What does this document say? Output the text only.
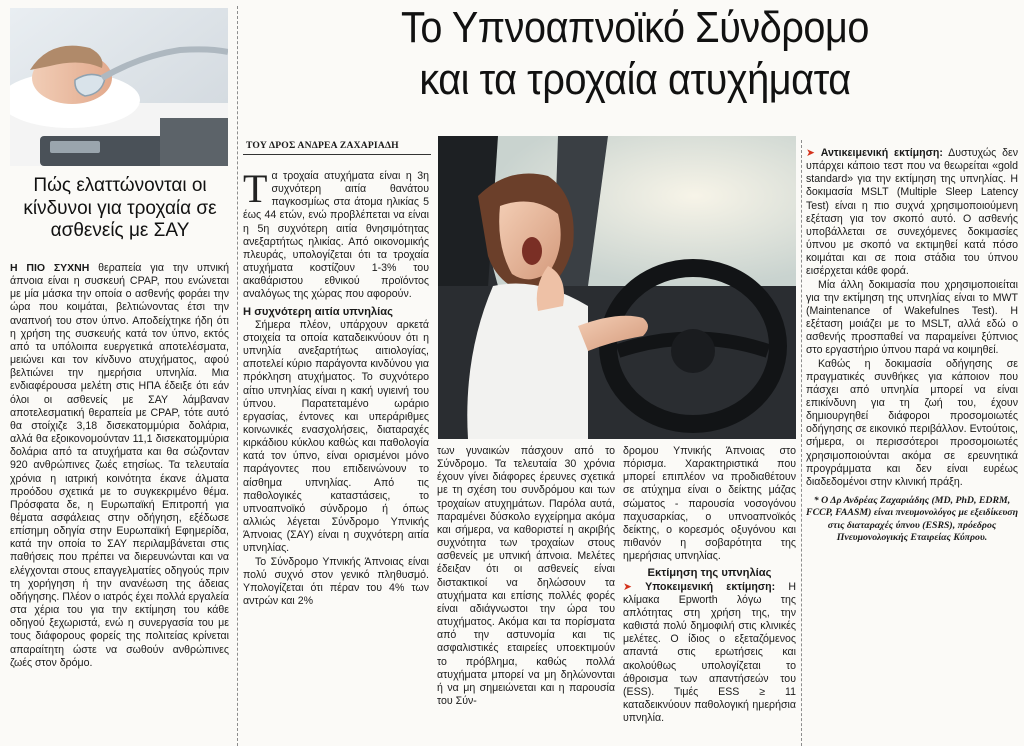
Πώς ελαττώνονται οι κίνδυνοι για τροχαία σε ασθενείς με ΣΑΥ

Η ΠΙΟ ΣΥΧΝΗ θεραπεία για την υπνική άπνοια είναι η συσκευή CPAP, που ενώνεται με μία μάσκα την οποία ο ασθενής φοράει την ώρα που κοιμάται, βελτιώνοντας έτσι την αναπνοή του στον ύπνο. Αποδείχτηκε ήδη ότι η χρήση της συσκευής κατά τον ύπνο, εκτός από τα υπόλοιπα ευεργετικά αποτελέσματα, μειώνει και τον κίνδυνο ατυχήματος, αφού βελτιώνει την ημερήσια υπνηλία. Μια ενδιαφέρουσα μελέτη στις ΗΠΑ έδειξε ότι εάν όλοι οι ασθενείς με ΣΑΥ λάμβαναν αποτελεσματική θεραπεία με CPAP, τότε αυτό θα στοίχιζε 3,18 δισεκατομμύρια δολάρια, αλλά θα εξοικονομούνταν 11,1 δισεκατομμύρια δολάρια από τα ατυχήματα και θα σώζονταν 920 ανθρώπινες ζωές ετησίως. Τα τελευταία χρόνια η ιατρική κοινότητα έκανε άλματα προόδου σχετικά με το συγκεκριμένο θέμα. Πρόσφατα δε, η Ευρωπαϊκή Επιτροπή για θέματα ασφάλειας στην οδήγηση, εξέδωσε επίσημη οδηγία στην Ευρωπαϊκή Εφημερίδα, κατά την οποία το ΣΑΥ περιλαμβάνεται στις παθήσεις που πρέπει να διερευνώνται και να ελέγχονται στους επαγγελματίες οδηγούς πριν τη χορήγηση ή την ανανέωση της άδειας οδήγησης. Πλέον ο ιατρός έχει πολλά εργαλεία στα χέρια του για την εκτίμηση του κάθε οδηγού ξεχωριστά, ενώ η συνεργασία του με τους διάφορους φορείς της πολιτείας κρίνεται απαραίτητη ώστε να σωθούν ανθρώπινες ζωές στον δρόμο.

Το Υπνοαπνοϊκό Σύνδρομο
και τα τροχαία ατυχήματα
ΤΟΥ ΔΡΟΣ ΑΝΔΡΕΑ ΖΑΧΑΡΙΑΔΗ

Τα τροχαία ατυχήματα είναι η 3η συχνότερη αιτία θανάτου παγκοσμίως στα άτομα ηλικίας 5 έως 44 ετών, ενώ προβλέπεται να είναι η 5η συχνότερη αιτία θνησιμότητας ανεξαρτήτως ηλικίας. Από οικονομικής πλευράς, υπολογίζεται ότι τα τροχαία ατυχήματα κοστίζουν 1-3% του ακαθάριστου εθνικού προϊόντος αναλόγως της χώρας που αφορούν.

Η συχνότερη αιτία υπνηλίας

Σήμερα πλέον, υπάρχουν αρκετά στοιχεία τα οποία καταδεικνύουν ότι η υπνηλία ανεξαρτήτως αιτιολογίας, αποτελεί κύριο παράγοντα κινδύνου για πρόκληση ατυχήματος. Το συχνότερο αίτιο υπνηλίας είναι η κακή υγιεινή του ύπνου. Παρατεταμένο ωράριο εργασίας, έντονες και υπεράριθμες κοινωνικές ενασχολήσεις, διαταραχές κιρκάδιου κύκλου καθώς και παθολογία κατά τον ύπνο, είναι ορισμένοι μόνο παράγοντες που επιδεινώνουν το αίσθημα υπνηλίας. Από τις παθολογικές καταστάσεις, το υπνοαπνοϊκό σύνδρομο ή όπως αλλιώς λέγεται Σύνδρομο Υπνικής Άπνοιας (ΣΑΥ) είναι η συχνότερη αιτία υπνηλίας.

Το Σύνδρομο Υπνικής Άπνοιας είναι πολύ συχνό στον γενικό πληθυσμό. Υπολογίζεται ότι πέραν του 4% των αντρών και 2%

των γυναικών πάσχουν από το Σύνδρομο. Τα τελευταία 30 χρόνια έχουν γίνει διάφορες έρευνες σχετικά με τη σχέση του συνδρόμου και των τροχαίων ατυχημάτων. Παρόλα αυτά, παραμένει δύσκολο εγχείρημα ακόμα και σήμερα, να καθοριστεί η ακριβής συχνότητα των τροχαίων στους ασθενείς με υπνική άπνοια. Μελέτες έδειξαν ότι οι ασθενείς είναι διστακτικοί να δηλώσουν τα ατυχήματα και επίσης πολλές φορές είναι αδιάγνωστοι την ώρα του ατυχήματος. Ακόμα και τα πορίσματα από την αστυνομία και τις ασφαλιστικές εταιρείες υποεκτιμούν το πρόβλημα, καθώς πολλά ατυχήματα μπορεί να μη δηλώνονται ή να μη σημειώνεται και η παρουσία του Σύν-

δρομου Υπνικής Άπνοιας στο πόρισμα. Χαρακτηριστικά που μπορεί επιπλέον να προδιαθέτουν σε ατύχημα είναι ο δείκτης μάζας σώματος - παρουσία νοσογόνου παχυσαρκίας, ο υπνοαπνοϊκός δείκτης, ο κορεσμός οξυγόνου και πιθανόν η σοβαρότητα της ημερήσιας υπνηλίας.

Εκτίμηση της υπνηλίας

➤ Υποκειμενική εκτίμηση: Η κλίμακα Epworth λόγω της απλότητας στη χρήση της, την καθιστά πολύ δημοφιλή στις κλινικές μελέτες. Ο ίδιος ο εξεταζόμενος απαντά στις ερωτήσεις και ακολούθως υπολογίζεται το άθροισμα των απαντήσεών του (ESS). Τιμές ESS ≥ 11 καταδεικνύουν παθολογική ημερήσια υπνηλία.

➤ Αντικειμενική εκτίμηση: Δυστυχώς δεν υπάρχει κάποιο τεστ που να θεωρείται «gold standard» για την εκτίμηση της υπνηλίας. Η δοκιμασία MSLT (Multiple Sleep Latency Test) είναι η πιο συχνά χρησιμοποιούμενη εξέταση για τον σκοπό αυτό. Ο ασθενής υποβάλλεται σε συνεχόμενες δοκιμασίες ύπνου με σκοπό να εκτιμηθεί κατά πόσο κοιμάται και σε ποια στάδια του ύπνου εισέρχεται κάθε φορά.

Μία άλλη δοκιμασία που χρησιμοποιείται για την εκτίμηση της υπνηλίας είναι το MWT (Maintenance of Wakefulnes Test). Η εξέταση μοιάζει με το MSLT, αλλά εδώ ο ασθενής προσπαθεί να παραμείνει ξύπνιος στο εργαστήριο ύπνου παρά να κοιμηθεί.

Καθώς η δοκιμασία οδήγησης σε πραγματικές συνθήκες για κάποιον που πάσχει από υπνηλία μπορεί να είναι επικίνδυνη για τη ζωή του, έχουν δημιουργηθεί διάφοροι προσομοιωτές οδήγησης σε εικονικό περιβάλλον. Εντούτοις, σήμερα, οι περισσότεροι προσομοιωτές χρησιμοποιούνται ακόμα σε ερευνητικά προγράμματα και δεν είναι ευρέως διαδεδομένοι στην κλινική πράξη.

* Ο Δρ Ανδρέας Ζαχαριάδης (MD, PhD, EDRM, FCCP, FAASM) είναι πνευμονολόγος με εξειδίκευση στις διαταραχές ύπνου (ESRS), πρόεδρος Πνευμονολογικής Εταιρείας Κύπρου.
